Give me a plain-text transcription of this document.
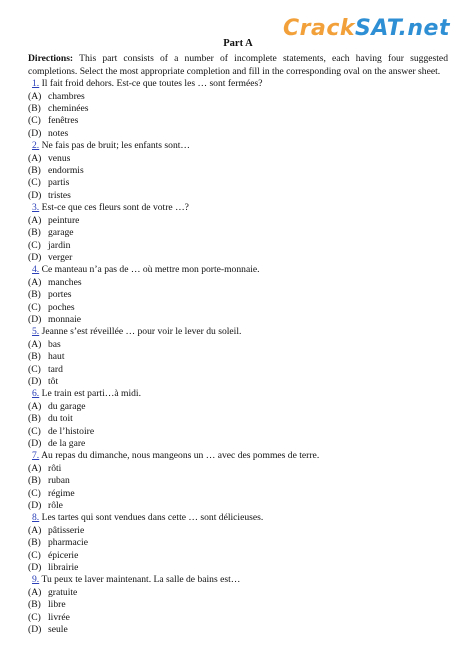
CrackSAT.net
Part A
Directions: This part consists of a number of incomplete statements, each having four suggested completions. Select the most appropriate completion and fill in the corresponding oval on the answer sheet.
1. Il fait froid dehors. Est-ce que toutes les … sont fermées?
(A) chambres
(B) cheminées
(C) fenêtres
(D) notes
2. Ne fais pas de bruit; les enfants sont…
(A) venus
(B) endormis
(C) partis
(D) tristes
3. Est-ce que ces fleurs sont de votre …?
(A) peinture
(B) garage
(C) jardin
(D) verger
4. Ce manteau n’a pas de … où mettre mon porte-monnaie.
(A) manches
(B) portes
(C) poches
(D) monnaie
5. Jeanne s’est réveillée … pour voir le lever du soleil.
(A) bas
(B) haut
(C) tard
(D) tôt
6. Le train est parti…à midi.
(A) du garage
(B) du toit
(C) de l’histoire
(D) de la gare
7. Au repas du dimanche, nous mangeons un … avec des pommes de terre.
(A) rôti
(B) ruban
(C) régime
(D) rôle
8. Les tartes qui sont vendues dans cette … sont délicieuses.
(A) pâtisserie
(B) pharmacie
(C) épicerie
(D) librairie
9. Tu peux te laver maintenant. La salle de bains est…
(A) gratuite
(B) libre
(C) livrée
(D) seule
